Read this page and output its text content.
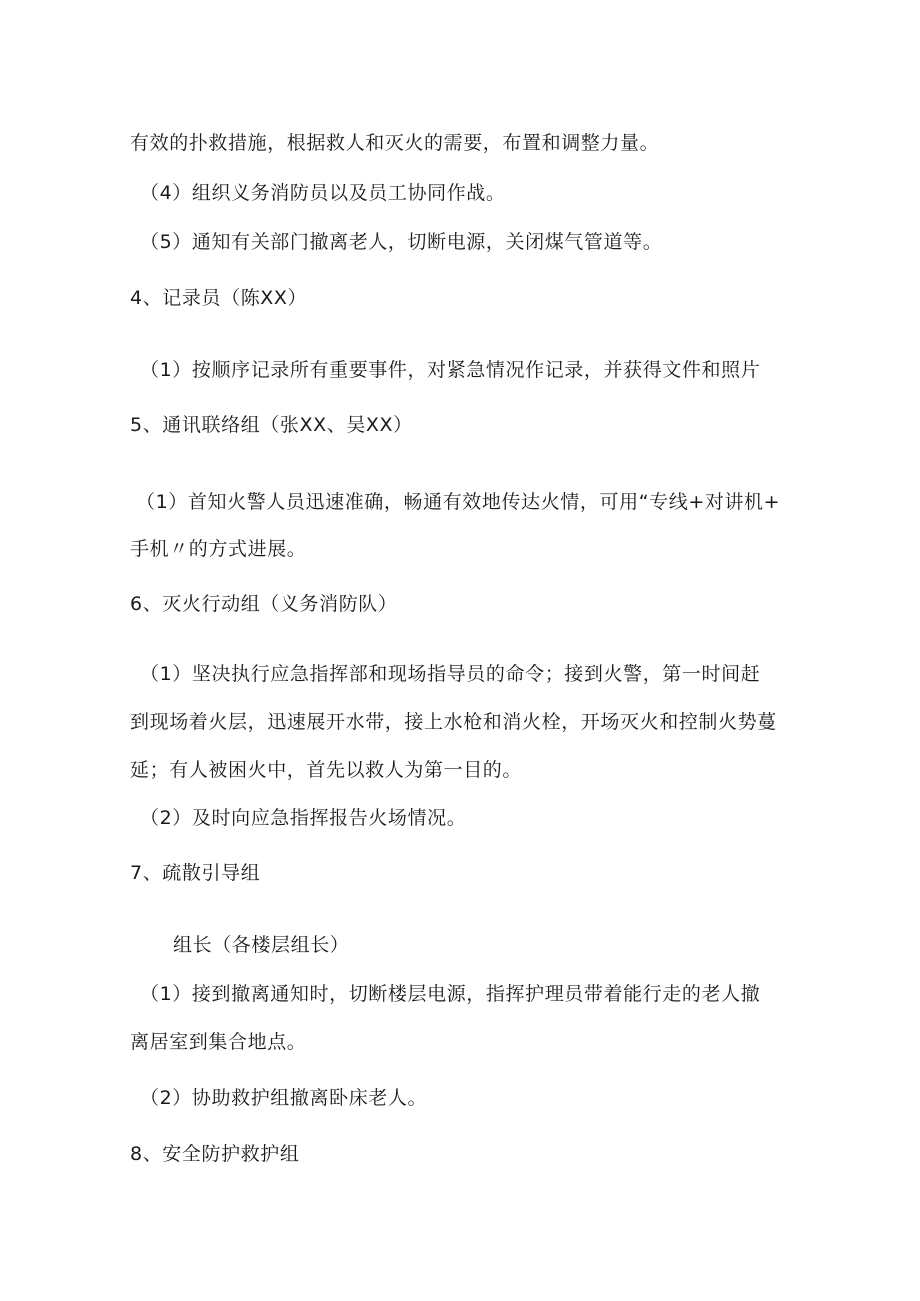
有效的扑救措施，根据救人和灭火的需要，布置和调整力量。
（4）组织义务消防员以及员工协同作战。
（5）通知有关部门撤离老人，切断电源，关闭煤气管道等。
4、记录员（陈XX）
（1）按顺序记录所有重要事件，对紧急情况作记录，并获得文件和照片
5、通讯联络组（张XX、吴XX）
（1）首知火警人员迅速准确，畅通有效地传达火情，可用“专线+对讲机+
手机〃的方式进展。
6、灭火行动组（义务消防队）
（1）坚决执行应急指挥部和现场指导员的命令；接到火警，第一时间赶
到现场着火层，迅速展开水带，接上水枪和消火栓，开场灭火和控制火势蔓
延；有人被困火中，首先以救人为第一目的。
（2）及时向应急指挥报告火场情况。
7、疏散引导组
组长（各楼层组长）
（1）接到撤离通知时，切断楼层电源，指挥护理员带着能行走的老人撤
离居室到集合地点。
（2）协助救护组撤离卧床老人。
8、安全防护救护组
